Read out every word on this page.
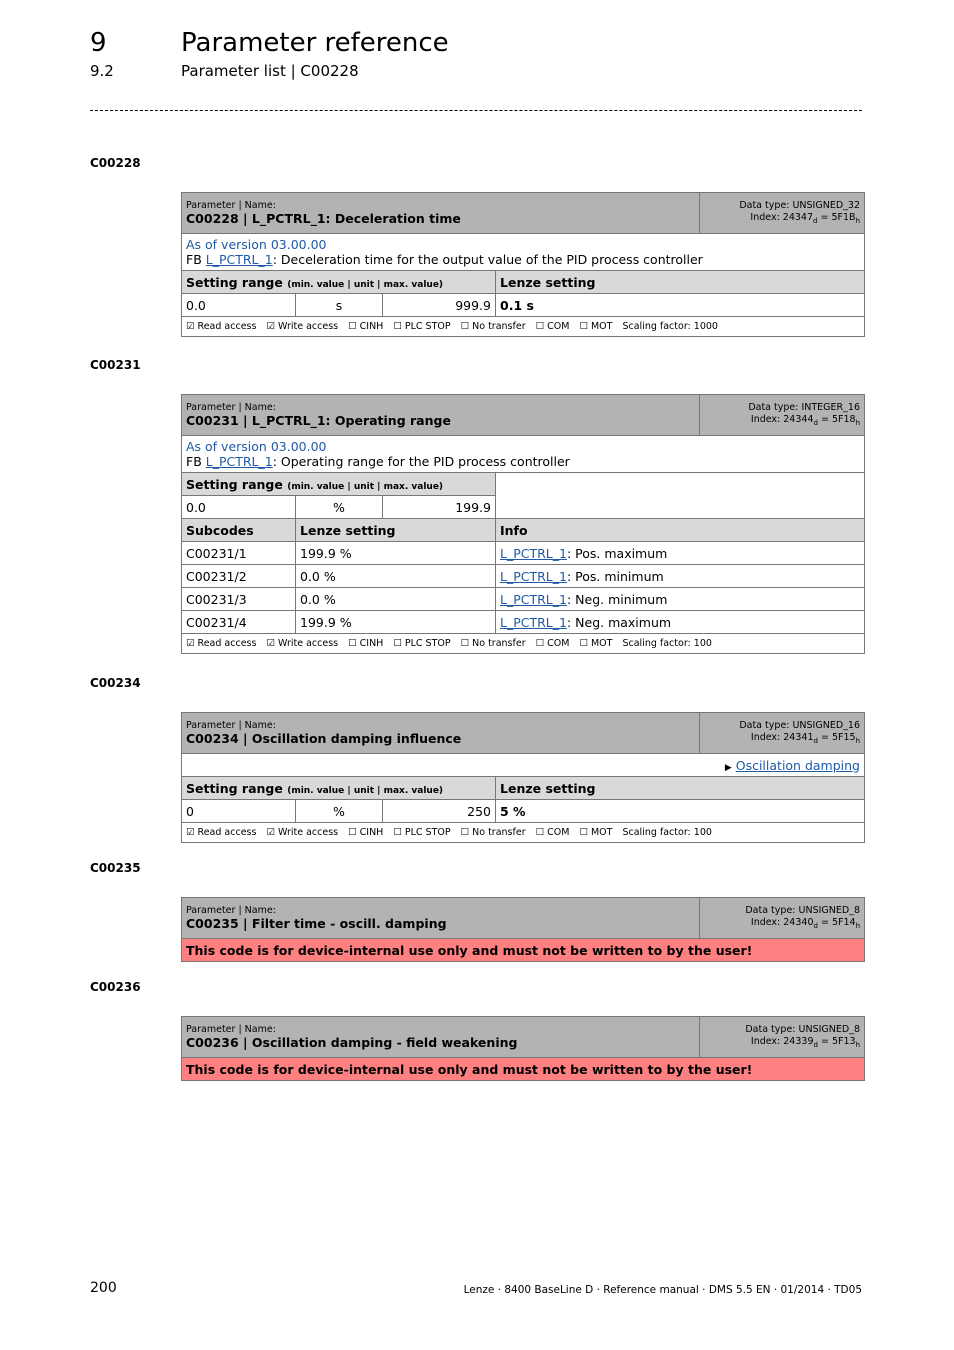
9	Parameter reference
9.2	Parameter list | C00228
C00228
Parameter | Name:
C00228 | L_PCTRL_1: Deceleration time				Data type: UNSIGNED_32
Index: $24347_d = 5F1B_h$
As of version 03.00.00
FB L_PCTRL_1: Deceleration time for the output value of the PID process controller				
Setting range (min. value | unit | max. value)			Lenze setting	
0.0	s	999.9	0.1 s	
☑ Read access ☑ Write access ☐ CINH ☐ PLC STOP ☐ No transfer ☐ COM ☐ MOT Scaling factor: 1000				
C00231
Parameter | Name:
C00231 | L_PCTRL_1: Operating range				Data type: INTEGER_16
Index: $24344_d = 5F18_h$
As of version 03.00.00
FB L_PCTRL_1: Operating range for the PID process controller				
Setting range (min. value | unit | max. value)				
0.0	%	199.9		
Subcodes	Lenze setting		Info	
C00231/1	199.9 %		L_PCTRL_1: Pos. maximum	
C00231/2	0.0 %		L_PCTRL_1: Pos. minimum	
C00231/3	0.0 %		L_PCTRL_1: Neg. minimum	
C00231/4	199.9 %		L_PCTRL_1: Neg. maximum	
☑ Read access ☑ Write access ☐ CINH ☐ PLC STOP ☐ No transfer ☐ COM ☐ MOT Scaling factor: 100				
C00234
Parameter | Name:
C00234 | Oscillation damping influence				Data type: UNSIGNED_16
Index: $24341_d = 5F15_h$
▶ Oscillation damping				
Setting range (min. value | unit | max. value)			Lenze setting	
0	%	250	5 %	
☑ Read access ☑ Write access ☐ CINH ☐ PLC STOP ☐ No transfer ☐ COM ☐ MOT Scaling factor: 100				
C00235
Parameter | Name:
C00235 | Filter time - oscill. damping	Data type: UNSIGNED_8
Index: $24340_d = 5F14_h$
This code is for device-internal use only and must not be written to by the user!
C00236
Parameter | Name:
C00236 | Oscillation damping - field weakening	Data type: UNSIGNED_8
Index: $24339_d = 5F13_h$
This code is for device-internal use only and must not be written to by the user!
200	Lenze · 8400 BaseLine D · Reference manual · DMS 5.5 EN · 01/2014 · TD05
